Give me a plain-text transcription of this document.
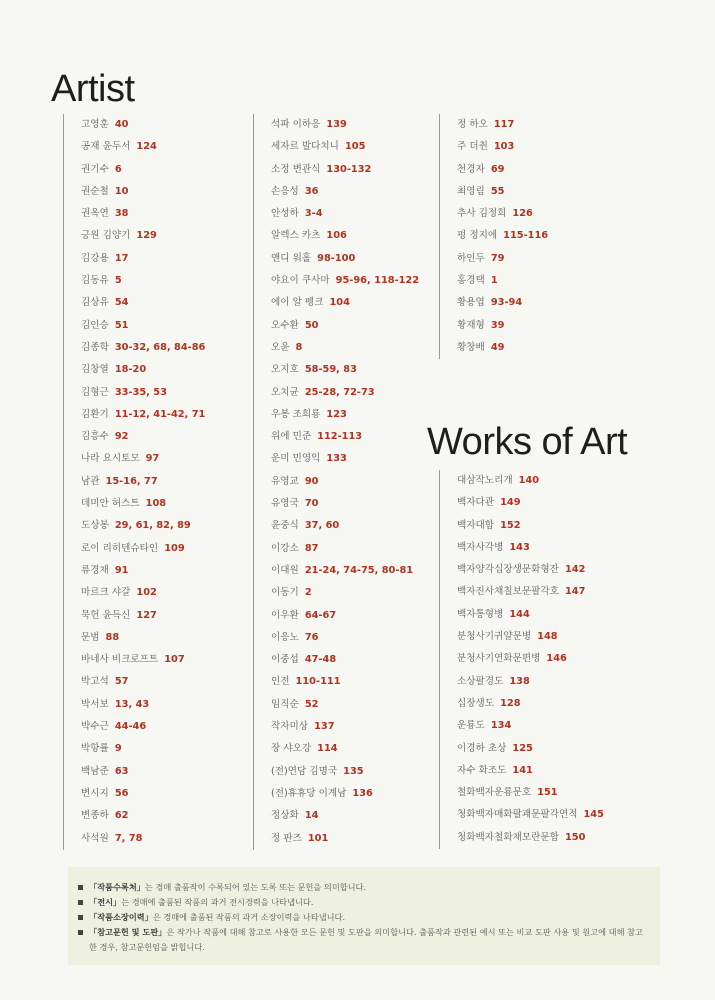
Artist
Works of Art
고영훈 40
공재 윤두서 124
권기수 6
권순철 10
권옥연 38
긍원 김양기 129
김강용 17
김동유 5
김상유 54
김인승 51
김종학 30-32, 68, 84-86
김창열 18-20
김형근 33-35, 53
김환기 11-12, 41-42, 71
김흥수 92
나라 요시토모 97
남관 15-16, 77
데미안 허스트 108
도상봉 29, 61, 82, 89
로이 리히텐슈타인 109
류경채 91
마르크 샤갈 102
묵헌 윤득신 127
문범 88
바네사 비크로프트 107
박고석 57
박서보 13, 43
박수근 44-46
박항률 9
백남준 63
변시지 56
변종하 62
사석원 7, 78
석파 이하응 139
세자르 발다치니 105
소정 변관식 130-132
손응성 36
안성하 3-4
알렉스 카츠 106
앤디 워홀 98-100
야요이 쿠사마 95-96, 118-122
에이 알 펭크 104
오수환 50
오윤 8
오지호 58-59, 83
오치균 25-28, 72-73
우봉 조희룡 123
위에 민준 112-113
운미 민영익 133
유영교 90
유영국 70
윤중식 37, 60
이강소 87
이대원 21-24, 74-75, 80-81
이동기 2
이우환 64-67
이응노 76
이중섭 47-48
인전 110-111
임직순 52
작자미상 137
장 샤오강 114
(전)연담 김명국 135
(전)휴휴당 이계남 136
정상화 14
정 판즈 101
정 하오 117
주 더췬 103
천경자 69
최영림 55
추사 김정희 126
펑 정지에 115-116
하인두 79
홍경택 1
황용엽 93-94
황재형 39
황창배 49
대삼작노리개 140
백자다관 149
백자대합 152
백자사각병 143
백자양각십장생문화형잔 142
백자진사채칠보문팔각호 147
백자통형병 144
분청사기귀얄문병 148
분청사기연화문편병 146
소상팔경도 138
십장생도 128
운룡도 134
이경하 초상 125
자수 화조도 141
철화백자운룡문호 151
청화백자매화팔괘문팔각연적 145
청화백자철화채모란문합 150
「작품수록처」는 경매 출품작이 수록되어 있는 도록 또는 문헌을 의미합니다.
「전시」는 경매에 출품된 작품의 과거 전시경력을 나타냅니다.
「작품소장이력」은 경매에 출품된 작품의 과거 소장이력을 나타냅니다.
「참고문헌 및 도판」은 작가나 작품에 대해 참고로 사용한 모든 문헌 및 도판을 의미합니다. 출품작과 관련된 예시 또는 비교 도판 사용 및 원고에 대해 참고한 경우, 참고문헌임을 밝힙니다.
